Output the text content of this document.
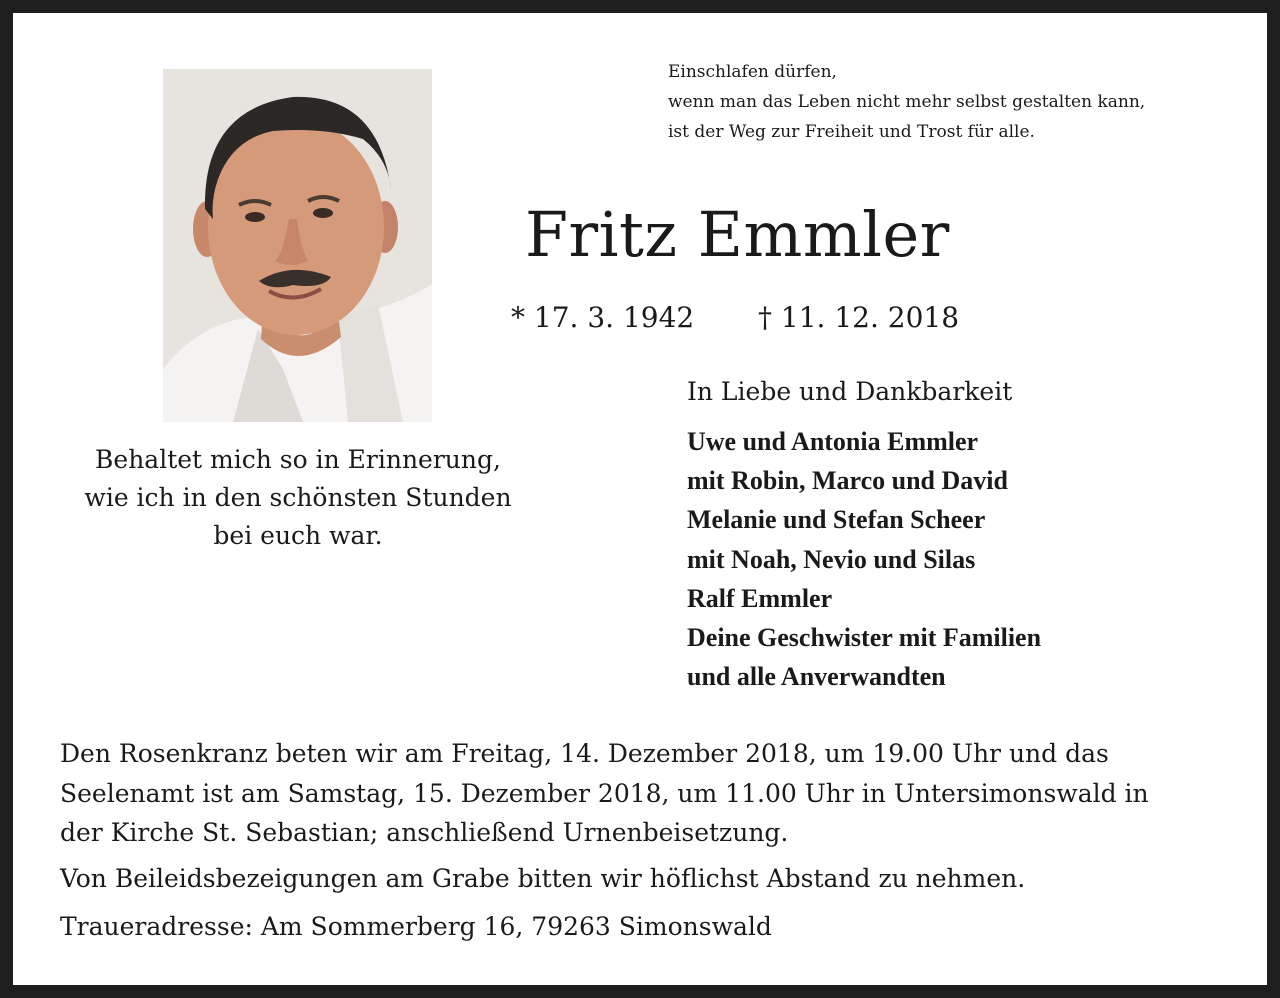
Einschlafen dürfen,
wenn man das Leben nicht mehr selbst gestalten kann,
ist der Weg zur Freiheit und Trost für alle.
Fritz Emmler
* 17. 3. 1942 † 11. 12. 2018
Behaltet mich so in Erinnerung,
wie ich in den schönsten Stunden
bei euch war.
In Liebe und Dankbarkeit
Uwe und Antonia Emmler
mit Robin, Marco und David
Melanie und Stefan Scheer
mit Noah, Nevio und Silas
Ralf Emmler
Deine Geschwister mit Familien
und alle Anverwandten
Den Rosenkranz beten wir am Freitag, 14. Dezember 2018, um 19.00 Uhr und das
Seelenamt ist am Samstag, 15. Dezember 2018, um 11.00 Uhr in Untersimonswald in
der Kirche St. Sebastian; anschließend Urnenbeisetzung.
Von Beileidsbezeigungen am Grabe bitten wir höflichst Abstand zu nehmen.
Traueradresse: Am Sommerberg 16, 79263 Simonswald
